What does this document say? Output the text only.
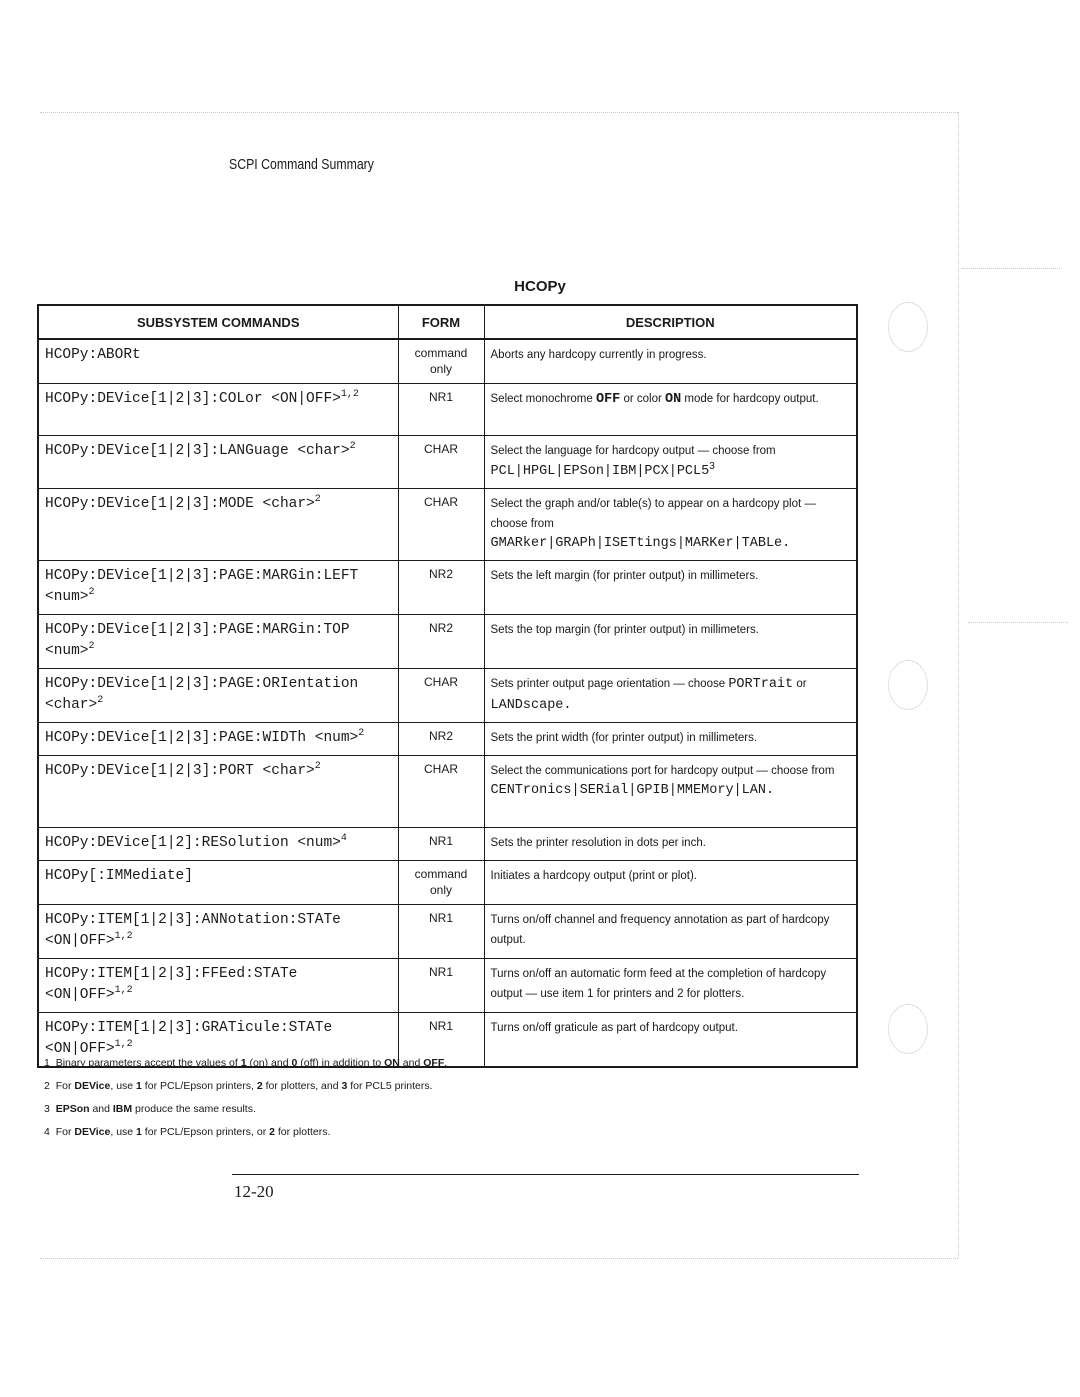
SCPI Command Summary
HCOPy
SUBSYSTEM COMMANDS	FORM	DESCRIPTION
HCOPy:ABORt	command only	Aborts any hardcopy currently in progress.
HCOPy:DEVice[1|2|3]:COLor <ON|OFF>$^{1,2}$	NR1	Select monochrome OFF or color ON mode for hardcopy output.
HCOPy:DEVice[1|2|3]:LANGuage <char>$^2$	CHAR	Select the language for hardcopy output — choose from
$PCL|HPGL|EPSon|IBM|PCX|PCL5^3$

HCOPy:DEVice[1|2|3]:MODE <char>$^2$	CHAR	Select the graph and/or table(s) to appear on a hardcopy plot — choose from
GMARker|GRAPh|ISETtings|MARKer|TABLe.

HCOPy:DEVice[1|2|3]:PAGE:MARGin:LEFT <num>$^2$	NR2	Sets the left margin (for printer output) in millimeters.
HCOPy:DEVice[1|2|3]:PAGE:MARGin:TOP <num>$^2$	NR2	Sets the top margin (for printer output) in millimeters.
HCOPy:DEVice[1|2|3]:PAGE:ORIentation <char>$^2$	CHAR	Sets printer output page orientation — choose PORTrait or LANDscape.
HCOPy:DEVice[1|2|3]:PAGE:WIDTh <num>$^2$	NR2	Sets the print width (for printer output) in millimeters.
HCOPy:DEVice[1|2|3]:PORT <char>$^2$	CHAR	Select the communications port for hardcopy output — choose from
CENTronics|SERial|GPIB|MMEMory|LAN.

HCOPy:DEVice[1|2]:RESolution <num>$^4$	NR1	Sets the printer resolution in dots per inch.
HCOPy[:IMMediate]	command only	Initiates a hardcopy output (print or plot).
HCOPy:ITEM[1|2|3]:ANNotation:STATe <ON|OFF>$^{1,2}$	NR1	Turns on/off channel and frequency annotation as part of hardcopy output.
HCOPy:ITEM[1|2|3]:FFEed:STATe <ON|OFF>$^{1,2}$	NR1	Turns on/off an automatic form feed at the completion of hardcopy output — use item 1 for printers and 2 for plotters.
HCOPy:ITEM[1|2|3]:GRATicule:STATe <ON|OFF>$^{1,2}$	NR1	Turns on/off graticule as part of hardcopy output.
1 Binary parameters accept the values of 1 (on) and 0 (off) in addition to ON and OFF.
2 For DEVice, use 1 for PCL/Epson printers, 2 for plotters, and 3 for PCL5 printers.
3 EPSon and IBM produce the same results.
4 For DEVice, use 1 for PCL/Epson printers, or 2 for plotters.
12-20
